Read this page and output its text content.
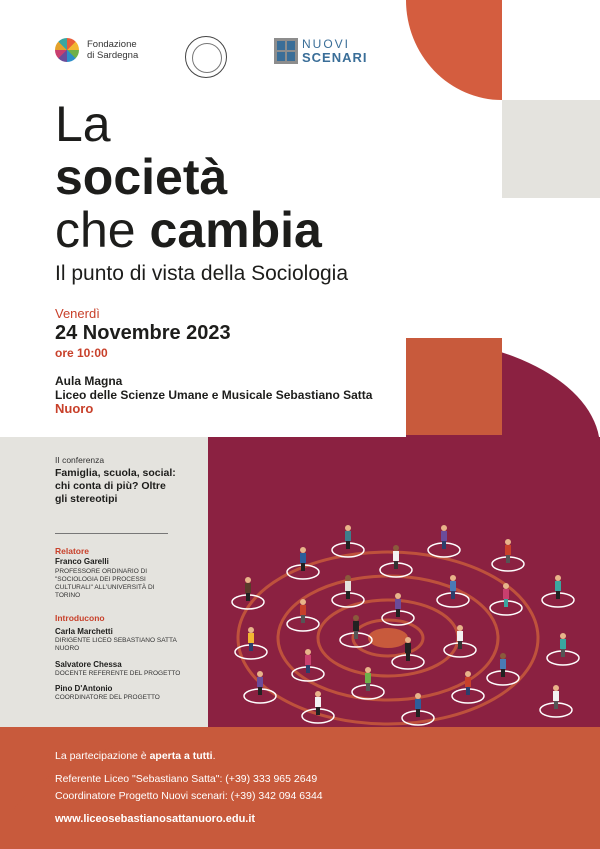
Fondazione
di Sardegna
NUOVI
SCENARI
La
società
che cambia
Il punto di vista della Sociologia
Venerdì
24 Novembre 2023
ore 10:00
Aula Magna
Liceo delle Scienze Umane e Musicale Sebastiano Satta
Nuoro
II conferenza
Famiglia, scuola, social: chi conta di più? Oltre gli stereotipi
Relatore
Franco Garelli
PROFESSORE ORDINARIO DI "SOCIOLOGIA DEI PROCESSI CULTURALI" ALL'UNIVERSITÀ DI TORINO
Introducono
Carla Marchetti
DIRIGENTE LICEO SEBASTIANO SATTA NUORO
Salvatore Chessa
DOCENTE REFERENTE DEL PROGETTO
Pino D'Antonio
COORDINATORE DEL PROGETTO
La partecipazione è aperta a tutti.
Referente Liceo "Sebastiano Satta": (+39) 333 965 2649
Coordinatore Progetto Nuovi scenari: (+39) 342 094 6344
www.liceosebastianosattanuoro.edu.it
